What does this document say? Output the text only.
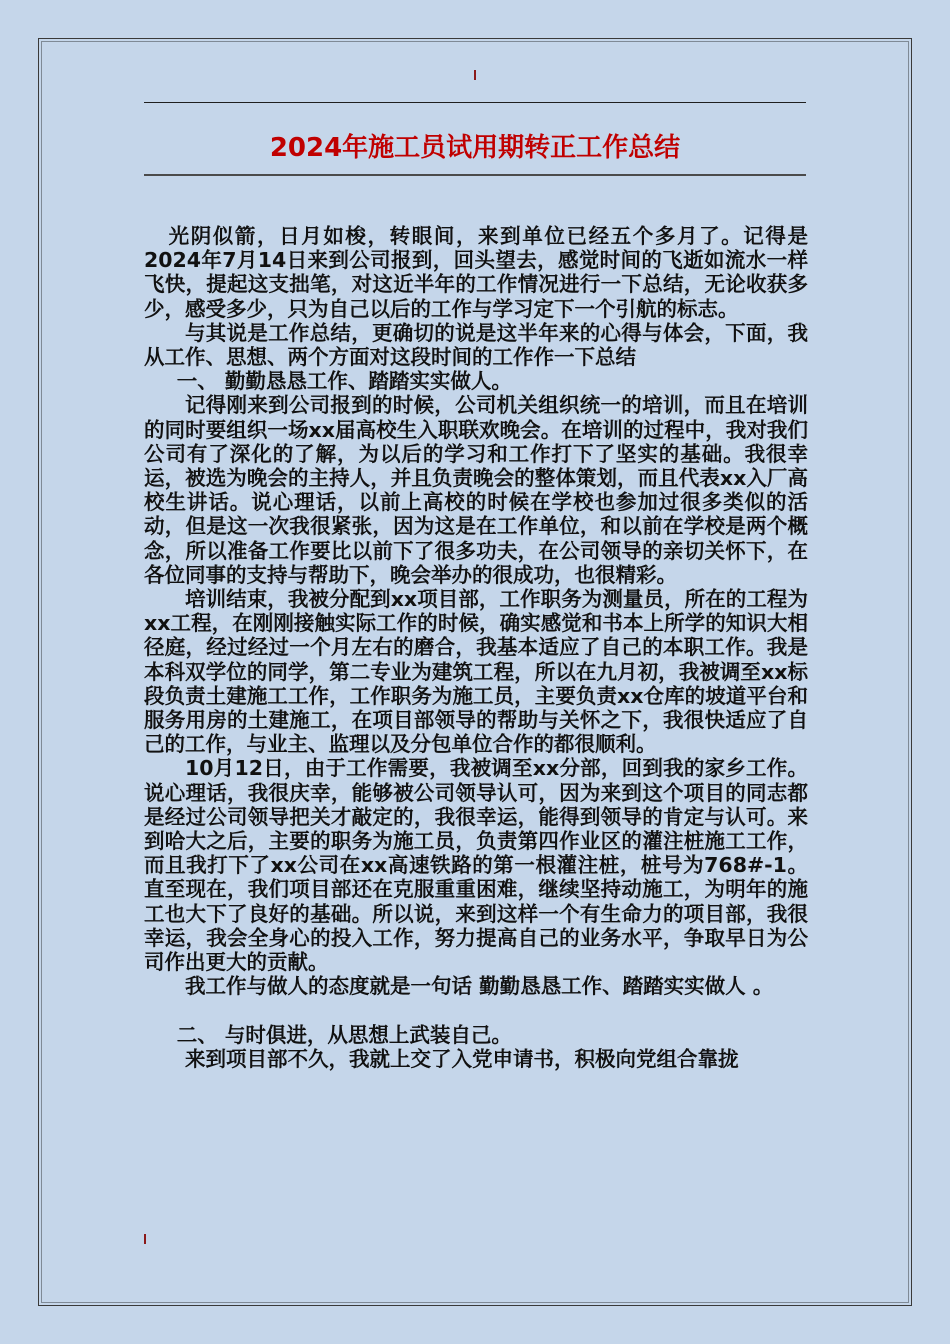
2024年施工员试用期转正工作总结

光阴似箭，日月如梭，转眼间，来到单位已经五个多月了。记得是2024年7月14日来到公司报到，回头望去，感觉时间的飞逝如流水一样飞快，提起这支拙笔，对这近半年的工作情况进行一下总结，无论收获多少，感受多少，只为自己以后的工作与学习定下一个引航的标志。

与其说是工作总结，更确切的说是这半年来的心得与体会，下面，我从工作、思想、两个方面对这段时间的工作作一下总结

一、 勤勤恳恳工作、踏踏实实做人。

记得刚来到公司报到的时候，公司机关组织统一的培训，而且在培训的同时要组织一场xx届高校生入职联欢晚会。在培训的过程中，我对我们公司有了深化的了解，为以后的学习和工作打下了坚实的基础。我很幸运，被选为晚会的主持人，并且负责晚会的整体策划，而且代表xx入厂高校生讲话。说心理话，以前上高校的时候在学校也参加过很多类似的活动，但是这一次我很紧张，因为这是在工作单位，和以前在学校是两个概念，所以准备工作要比以前下了很多功夫，在公司领导的亲切关怀下，在各位同事的支持与帮助下，晚会举办的很成功，也很精彩。

培训结束，我被分配到xx项目部，工作职务为测量员，所在的工程为xx工程，在刚刚接触实际工作的时候，确实感觉和书本上所学的知识大相径庭，经过经过一个月左右的磨合，我基本适应了自己的本职工作。我是本科双学位的同学，第二专业为建筑工程，所以在九月初，我被调至xx标段负责土建施工工作，工作职务为施工员，主要负责xx仓库的坡道平台和服务用房的土建施工，在项目部领导的帮助与关怀之下，我很快适应了自己的工作，与业主、监理以及分包单位合作的都很顺利。

10月12日，由于工作需要，我被调至xx分部，回到我的家乡工作。说心理话，我很庆幸，能够被公司领导认可，因为来到这个项目的同志都是经过公司领导把关才敲定的，我很幸运，能得到领导的肯定与认可。来到哈大之后，主要的职务为施工员，负责第四作业区的灌注桩施工工作，而且我打下了xx公司在xx高速铁路的第一根灌注桩，桩号为768#-1。直至现在，我们项目部还在克服重重困难，继续坚持动施工，为明年的施工也大下了良好的基础。所以说，来到这样一个有生命力的项目部，我很幸运，我会全身心的投入工作，努力提高自己的业务水平，争取早日为公司作出更大的贡献。

我工作与做人的态度就是一句话 勤勤恳恳工作、踏踏实实做人 。

二、 与时俱进，从思想上武装自己。

来到项目部不久，我就上交了入党申请书，积极向党组合靠拢
